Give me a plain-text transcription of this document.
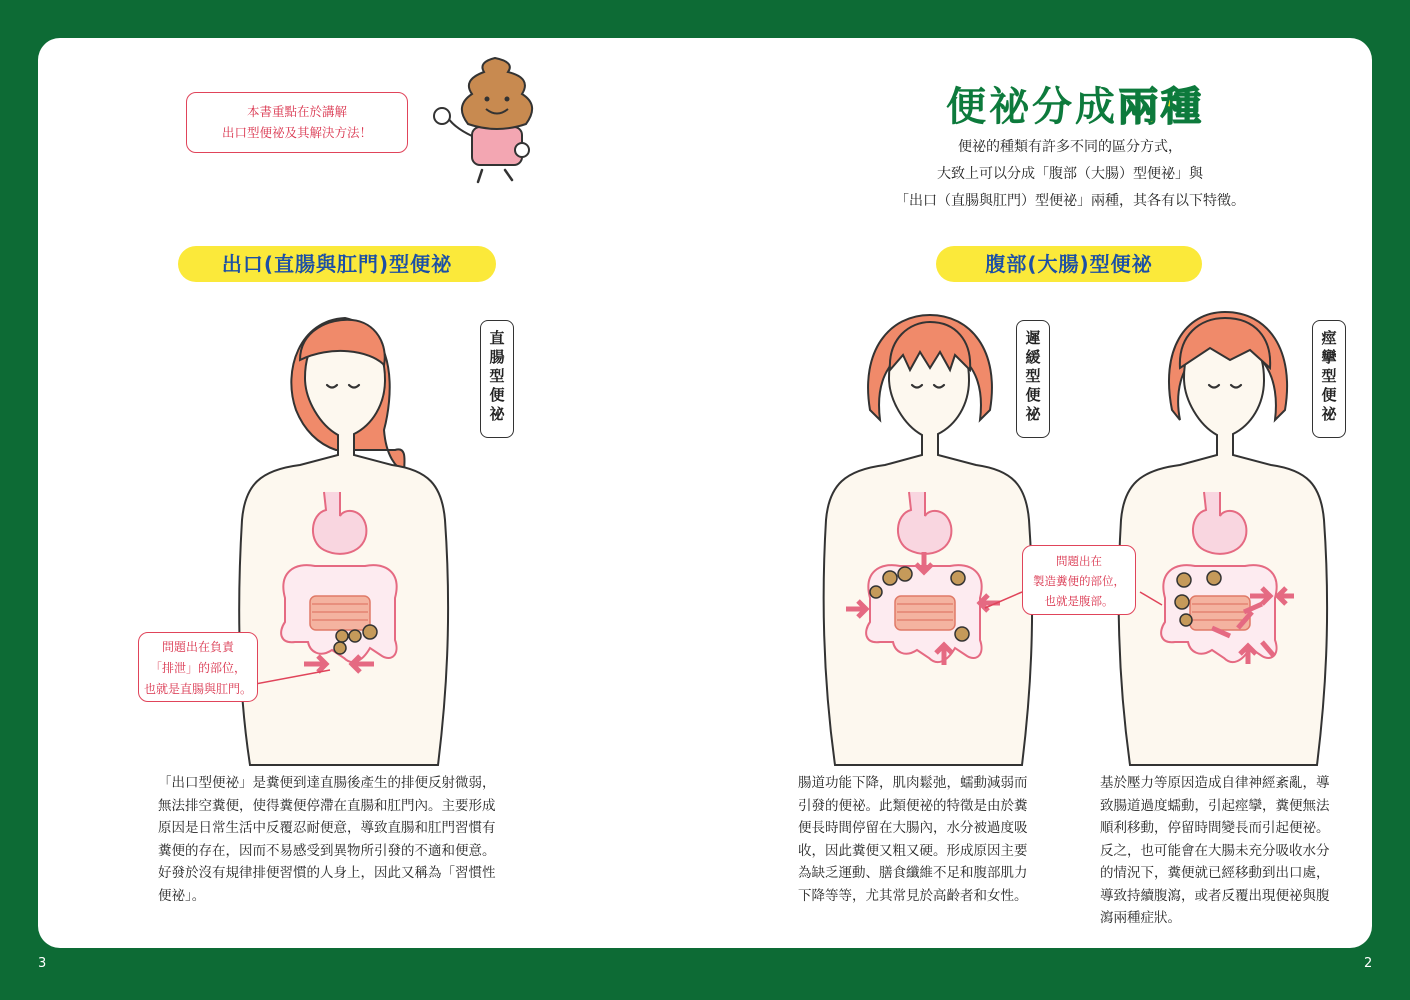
3	2
本書重點在於講解
出口型便祕及其解決方法！
便祕分成兩種
便祕的種類有許多不同的區分方式，
大致上可以分成「腹部（大腸）型便祕」與
「出口（直腸與肛門）型便祕」兩種，其各有以下特徵。
出口(直腸與肛門)型便祕	腹部(大腸)型便祕
直
腸
型
便
祕
遲
緩
型
便
祕
痙
攣
型
便
祕
問題出在負責
「排泄」的部位，
也就是直腸與肛門。
問題出在
製造糞便的部位，
也就是腹部。
「出口型便祕」是糞便到達直腸後產生的排便反射微弱，
無法排空糞便，使得糞便停滯在直腸和肛門內。主要形成
原因是日常生活中反覆忍耐便意，導致直腸和肛門習慣有
糞便的存在，因而不易感受到異物所引發的不適和便意。
好發於沒有規律排便習慣的人身上，因此又稱為「習慣性
便祕」。
腸道功能下降，肌肉鬆弛，蠕動減弱而
引發的便祕。此類便祕的特徵是由於糞
便長時間停留在大腸內，水分被過度吸
收，因此糞便又粗又硬。形成原因主要
為缺乏運動、膳食纖維不足和腹部肌力
下降等等，尤其常見於高齡者和女性。
基於壓力等原因造成自律神經紊亂，導
致腸道過度蠕動，引起痙攣，糞便無法
順利移動，停留時間變長而引起便祕。
反之，也可能會在大腸未充分吸收水分
的情況下，糞便就已經移動到出口處，
導致持續腹瀉，或者反覆出現便祕與腹
瀉兩種症狀。
